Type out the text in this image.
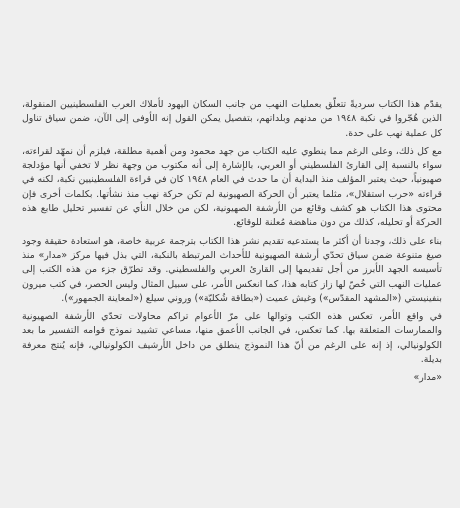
يقدّم هذا الكتاب سرديةً تتعلّق بعمليات النهب من جانب السكان اليهود لأملاك العرب الفلسطينيين المنقولة، الذين هُجّروا في نكبة ١٩٤٨ من مدنهم وبلداتهم، بتفصيل يمكن القول إنه الأوفى إلى الآن، ضمن سياق تناول كل عملية نهب على حدة.

مع كل ذلك، وعلى الرغم مما ينطوي عليه الكتاب من جهد محمود ومن أهمية مطلقة، فيلزم أن نمهّد لقراءته، سواء بالنسبة إلى القارئ الفلسطيني أو العربي، بالإشارة إلى أنه مكتوب من وجهة نظر لا تخفي أنها مؤدلجة صهيونياً، حيث يعتبر المؤلف منذ البداية أن ما حدث في العام ١٩٤٨ كان في قراءة الفلسطينيين نكبة، لكنه في قراءته «حرب استقلال»، مثلما يعتبر أن الحركة الصهيونية لم تكن حركة نهب منذ نشأتها. بكلمات أخرى فإن محتوى هذا الكتاب هو كشف وقائع من الأرشفة الصهيونية، لكن من خلال النأي عن تفسير تحليل طابع هذه الحركة أو تحليله، كذلك من دون مناهضة مُعلنة للوقائع.

بناء على ذلك، وجدنا أن أكثر ما يستدعيه تقديم نشر هذا الكتاب بترجمة عربية خاصة، هو استعادة حقيقة وجود صيغ متنوعة ضمن سياق تحدّي أرشفة الصهيونية للأحداث المرتبطة بالنكبة، التي بذل فيها مركز «مدار» منذ تأسيسه الجهد الأبرز من أجل تقديمها إلى القارئ العربي والفلسطيني. وقد تطرّق جزء من هذه الكتب إلى عمليات النهب التي خُصّ لها زاز كتابه هذا، كما انعكس الأمر، على سبيل المثال وليس الحصر، في كتب ميرون بنفينيستي («المشهد المقدّس») وغيش عميت («بطاقة شُكليّة») وروني سيلع («لمعاينة الجمهور»).

في واقع الأمر، تعكس هذه الكتب وتوالها على مرّ الأعوام تراكم محاولات تحدّي الأرشفة الصهيونية والممارسات المتعلقة بها. كما تعكس، في الجانب الأعمق منها، مساعي تشييد نموذج قوامه التفسير ما بعد الكولونيالي، إذ إنه على الرغم من أنّ هذا النموذج ينطلق من داخل الأرشيف الكولونيالي، فإنه يُنتج معرفة بديلة.

«مدار»
